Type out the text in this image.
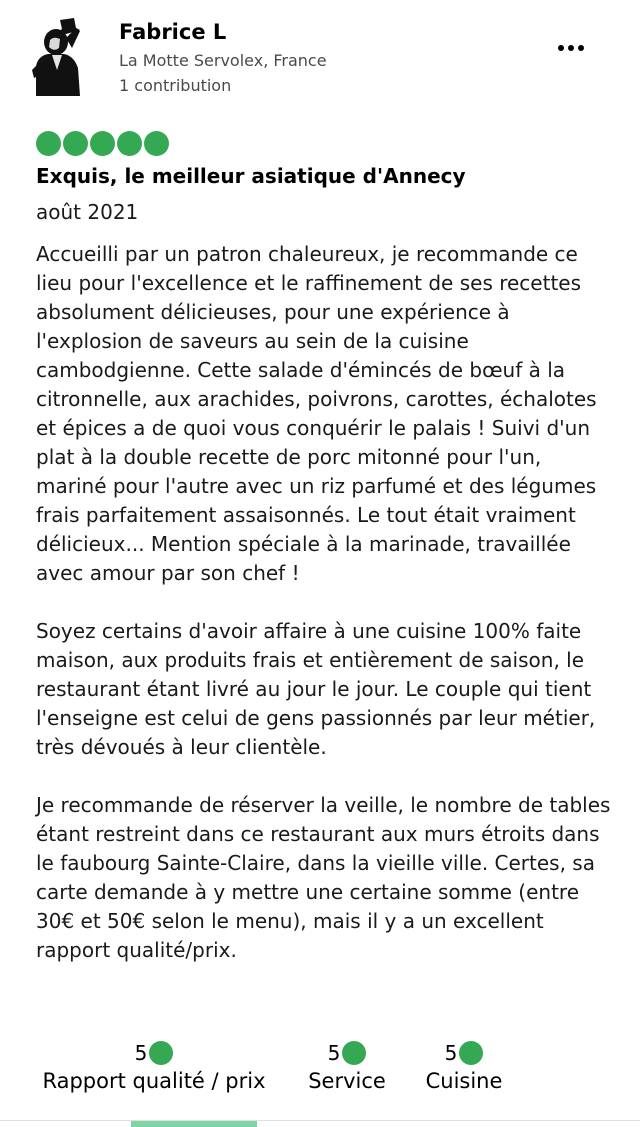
Fabrice L
La Motte Servolex, France
1 contribution
Exquis, le meilleur asiatique d'Annecy
août 2021

Accueilli par un patron chaleureux, je recommande ce lieu pour l'excellence et le raffinement de ses recettes absolument délicieuses, pour une expérience à l'explosion de saveurs au sein de la cuisine cambodgienne. Cette salade d'émincés de bœuf à la citronnelle, aux arachides, poivrons, carottes, échalotes et épices a de quoi vous conquérir le palais ! Suivi d'un plat à la double recette de porc mitonné pour l'un, mariné pour l'autre avec un riz parfumé et des légumes frais parfaitement assaisonnés. Le tout était vraiment délicieux... Mention spéciale à la marinade, travaillée avec amour par son chef !

Soyez certains d'avoir affaire à une cuisine 100% faite maison, aux produits frais et entièrement de saison, le restaurant étant livré au jour le jour. Le couple qui tient l'enseigne est celui de gens passionnés par leur métier, très dévoués à leur clientèle.

Je recommande de réserver la veille, le nombre de tables étant restreint dans ce restaurant aux murs étroits dans le faubourg Sainte-Claire, dans la vieille ville. Certes, sa carte demande à y mettre une certaine somme (entre 30€ et 50€ selon le menu), mais il y a un excellent rapport qualité/prix.

5
Rapport qualité / prix
5
Service
5
Cuisine
